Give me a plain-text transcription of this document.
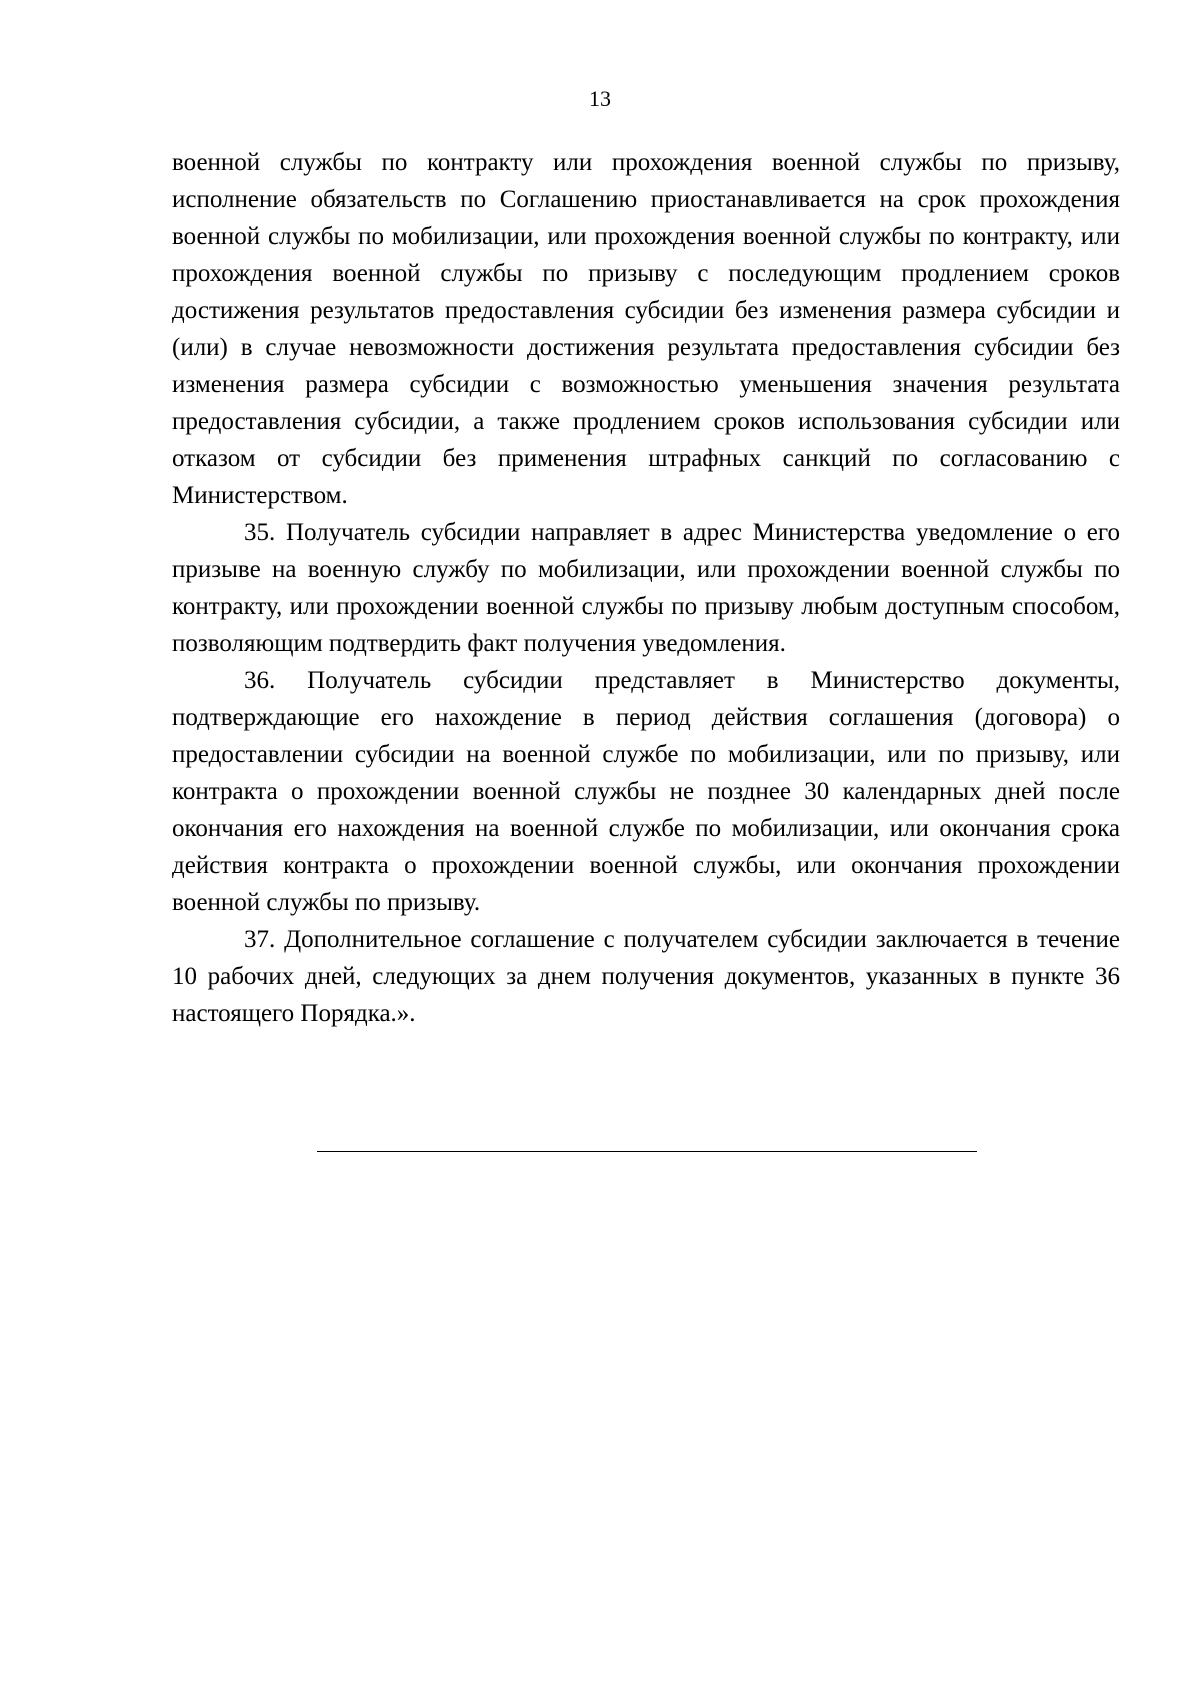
13

военной службы по контракту или прохождения военной службы по призыву, исполнение обязательств по Соглашению приостанавливается на срок прохождения военной службы по мобилизации, или прохождения военной службы по контракту, или прохождения военной службы по призыву с последующим продлением сроков достижения результатов предоставления субсидии без изменения размера субсидии и (или) в случае невозможности достижения результата предоставления субсидии без изменения размера субсидии с возможностью уменьшения значения результата предоставления субсидии, а также продлением сроков использования субсидии или отказом от субсидии без применения штрафных санкций по согласованию с Министерством.

35. Получатель субсидии направляет в адрес Министерства уведомление о его призыве на военную службу по мобилизации, или прохождении военной службы по контракту, или прохождении военной службы по призыву любым доступным способом, позволяющим подтвердить факт получения уведомления.

36. Получатель субсидии представляет в Министерство документы, подтверждающие его нахождение в период действия соглашения (договора) о предоставлении субсидии на военной службе по мобилизации, или по призыву, или контракта о прохождении военной службы не позднее 30 календарных дней после окончания его нахождения на военной службе по мобилизации, или окончания срока действия контракта о прохождении военной службы, или окончания прохождении военной службы по призыву.

37. Дополнительное соглашение с получателем субсидии заключается в течение 10 рабочих дней, следующих за днем получения документов, указанных в пункте 36 настоящего Порядка.».
